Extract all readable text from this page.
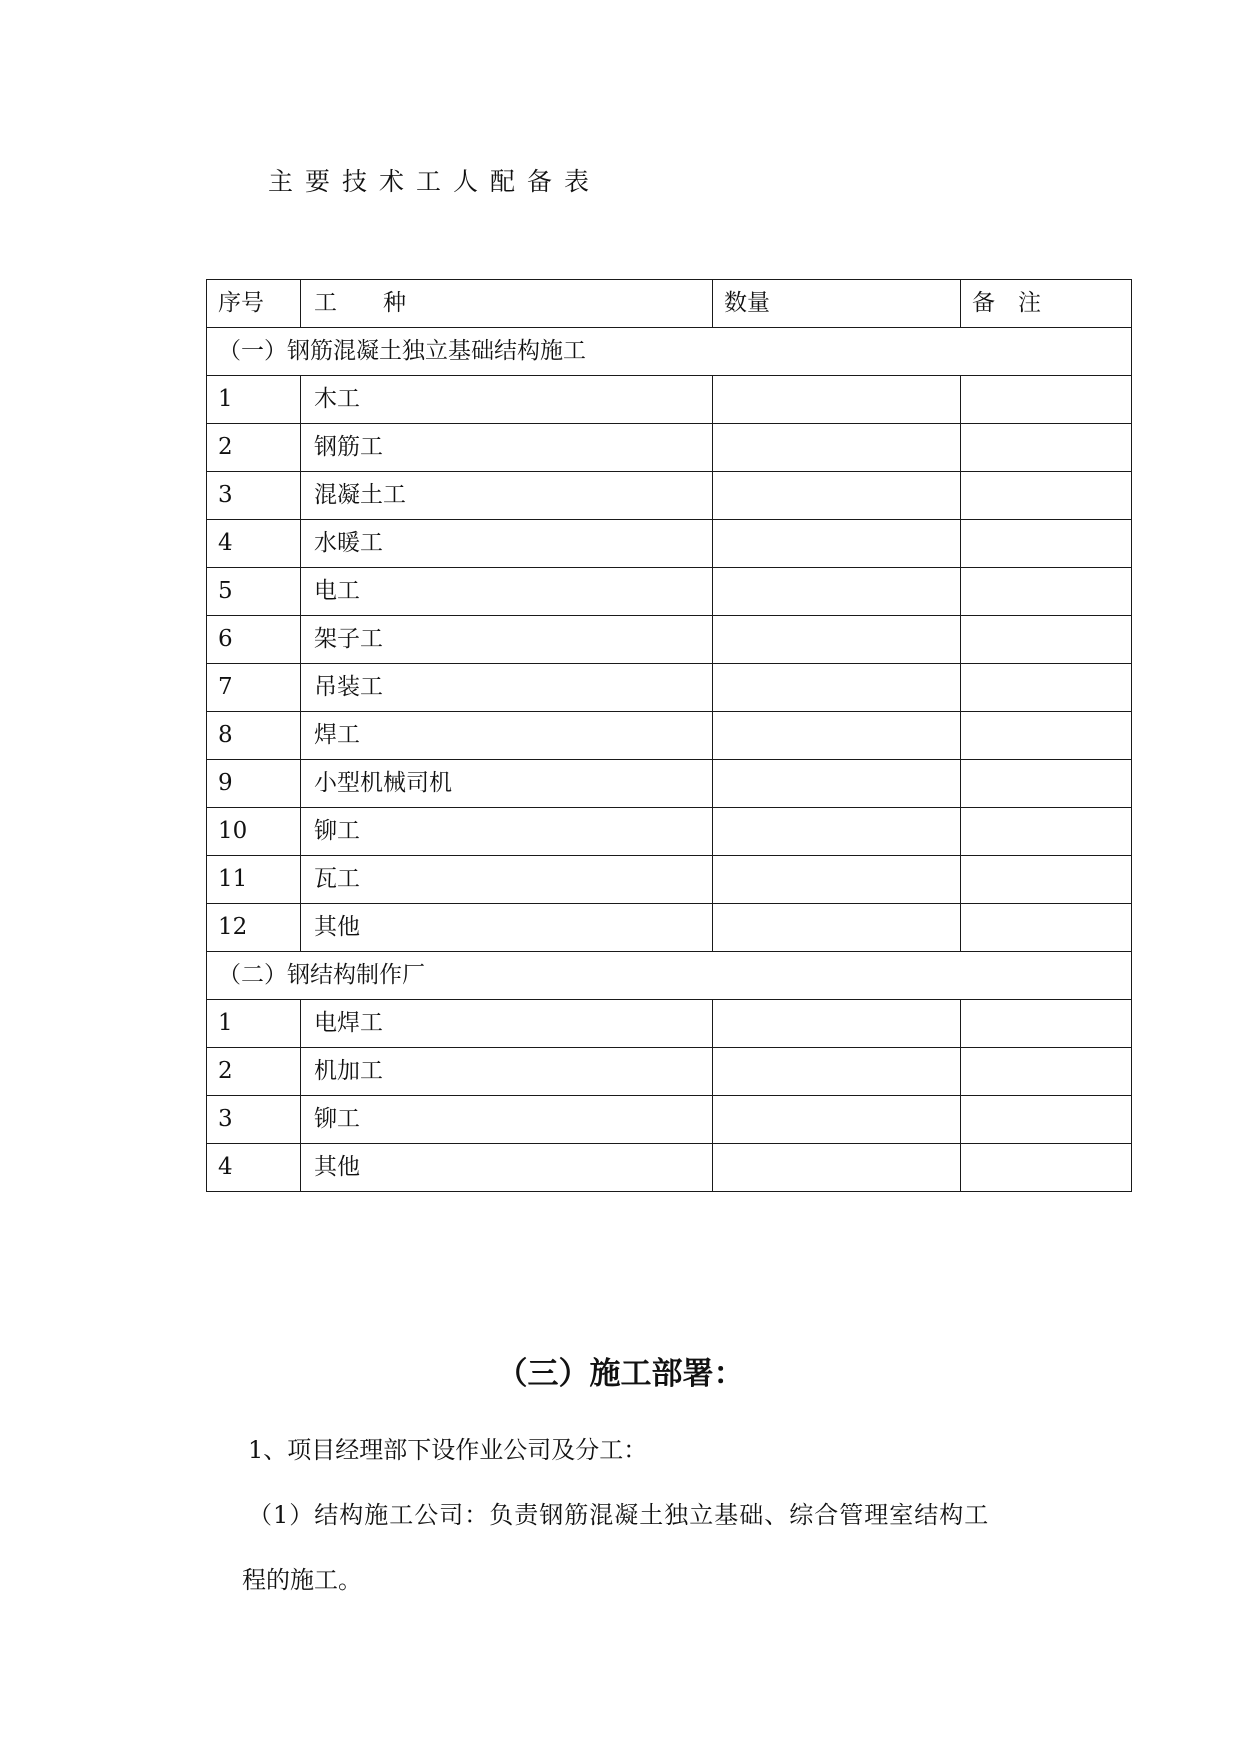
主要技术工人配备表
序号	工　　种	数量	备　注
（一）钢筋混凝土独立基础结构施工			
1	木工		
2	钢筋工		
3	混凝土工		
4	水暖工		
5	电工		
6	架子工		
7	吊装工		
8	焊工		
9	小型机械司机		
10	铆工		
11	瓦工		
12	其他		
（二）钢结构制作厂			
1	电焊工		
2	机加工		
3	铆工		
4	其他		
（三）施工部署：
1、项目经理部下设作业公司及分工：
（1）结构施工公司：负责钢筋混凝土独立基础、综合管理室结构工
程的施工。
